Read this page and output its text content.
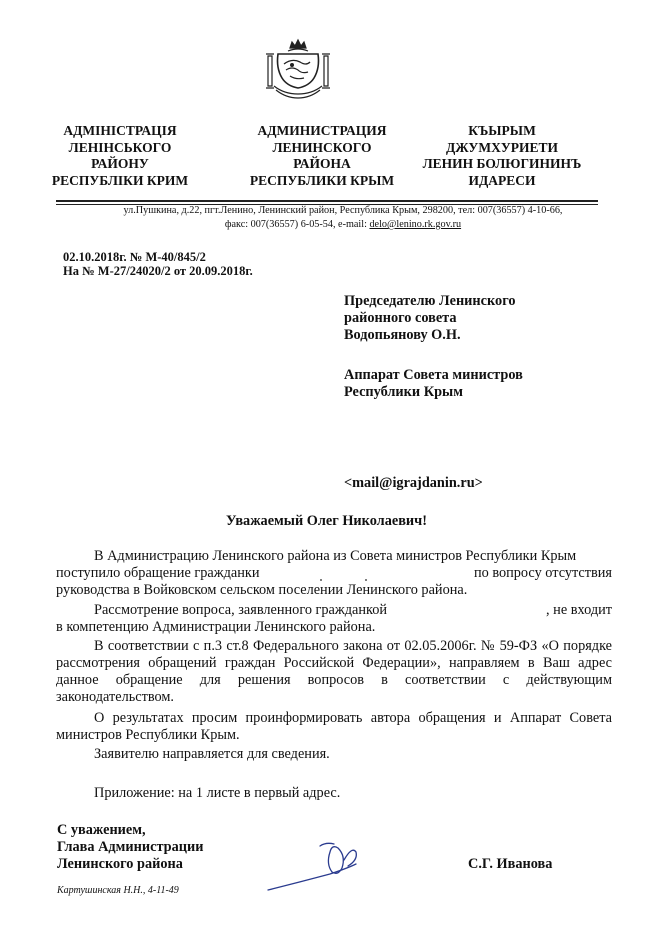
АДМІНІСТРАЦІЯ
ЛЕНІНСЬКОГО
РАЙОНУ
РЕСПУБЛІКИ КРИМ
АДМИНИСТРАЦИЯ
ЛЕНИНСКОГО
РАЙОНА
РЕСПУБЛИКИ КРЫМ
КЪЫРЫМ
ДЖУМХУРИЕТИ
ЛЕНИН БОЛЮГИНИНЪ
ИДАРЕСИ
ул.Пушкина, д.22, пгт.Ленино, Ленинский район, Республика Крым, 298200, тел: 007(36557) 4-10-66,
факс: 007(36557) 6-05-54, e-mail: delo@lenino.rk.gov.ru
02.10.2018г. № М-40/845/2
На № М-27/24020/2 от 20.09.2018г.
Председателю Ленинского
районного совета
Водопьянову О.Н.
Аппарат Совета министров
Республики Крым
<mail@igrajdanin.ru>
Уважаемый Олег Николаевич!
В Администрацию Ленинского района из Совета министров Республики Крым
поступило обращение гражданки	по вопросу отсутствия
руководства в Войковском сельском поселении Ленинского района.
Рассмотрение вопроса, заявленного гражданкой	, не входит
в компетенцию Администрации Ленинского района.
В соответствии с п.3 ст.8 Федерального закона от 02.05.2006г. № 59-ФЗ «О порядке рассмотрения обращений граждан Российской Федерации», направляем в Ваш адрес данное обращение для решения вопросов в соответствии с действующим законодательством.
О результатах просим проинформировать автора обращения и Аппарат Совета министров Республики Крым.
Заявителю направляется для сведения.
Приложение: на 1 листе в первый адрес.
С уважением,
Глава Администрации
Ленинского района	С.Г. Иванова
Картушинская Н.Н., 4-11-49
